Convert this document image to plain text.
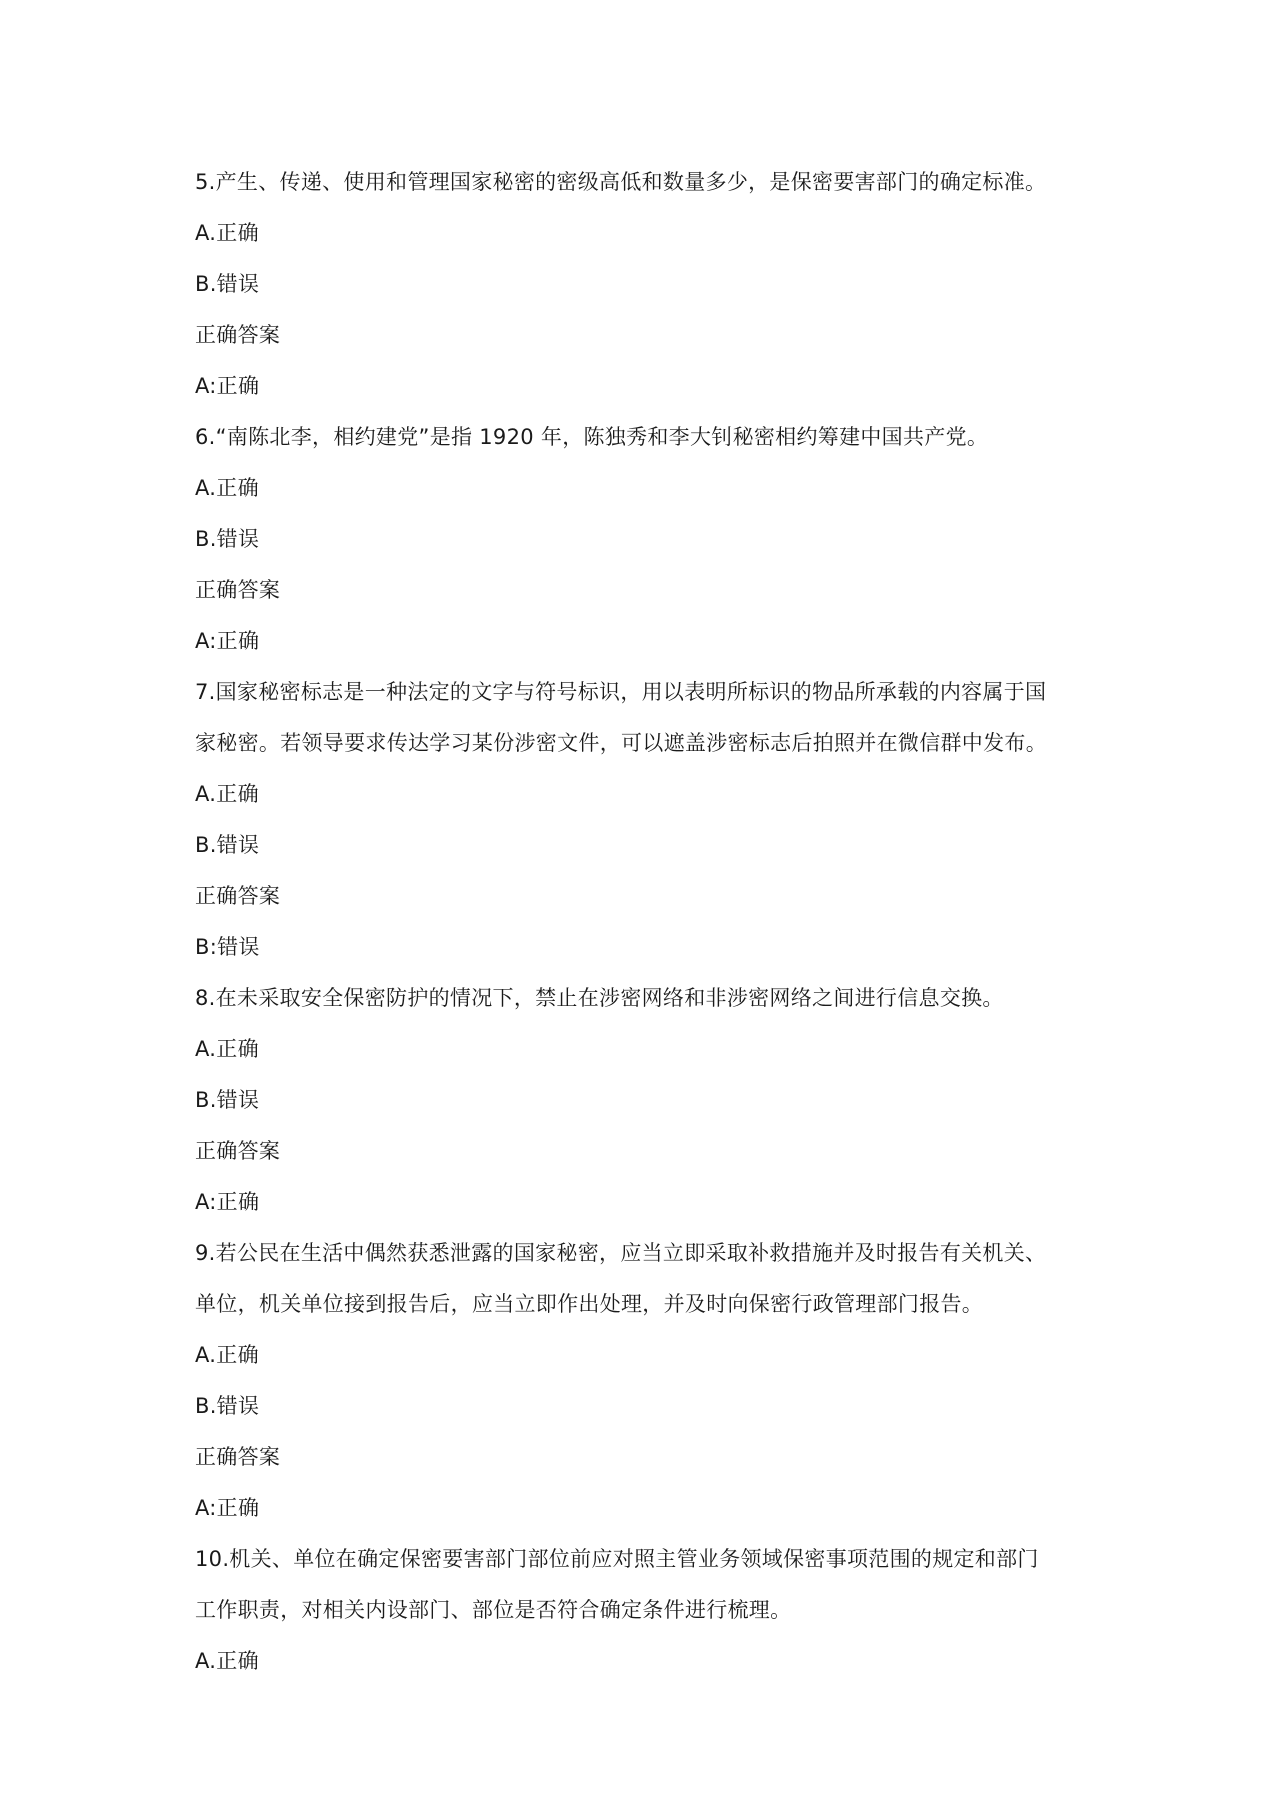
5.产生、传递、使用和管理国家秘密的密级高低和数量多少，是保密要害部门的确定标准。
A.正确
B.错误
正确答案
A:正确
6.“南陈北李，相约建党”是指 1920 年，陈独秀和李大钊秘密相约筹建中国共产党。
A.正确
B.错误
正确答案
A:正确
7.国家秘密标志是一种法定的文字与符号标识，用以表明所标识的物品所承载的内容属于国
家秘密。若领导要求传达学习某份涉密文件，可以遮盖涉密标志后拍照并在微信群中发布。
A.正确
B.错误
正确答案
B:错误
8.在未采取安全保密防护的情况下，禁止在涉密网络和非涉密网络之间进行信息交换。
A.正确
B.错误
正确答案
A:正确
9.若公民在生活中偶然获悉泄露的国家秘密，应当立即采取补救措施并及时报告有关机关、
单位，机关单位接到报告后，应当立即作出处理，并及时向保密行政管理部门报告。
A.正确
B.错误
正确答案
A:正确
10.机关、单位在确定保密要害部门部位前应对照主管业务领域保密事项范围的规定和部门
工作职责，对相关内设部门、部位是否符合确定条件进行梳理。
A.正确
